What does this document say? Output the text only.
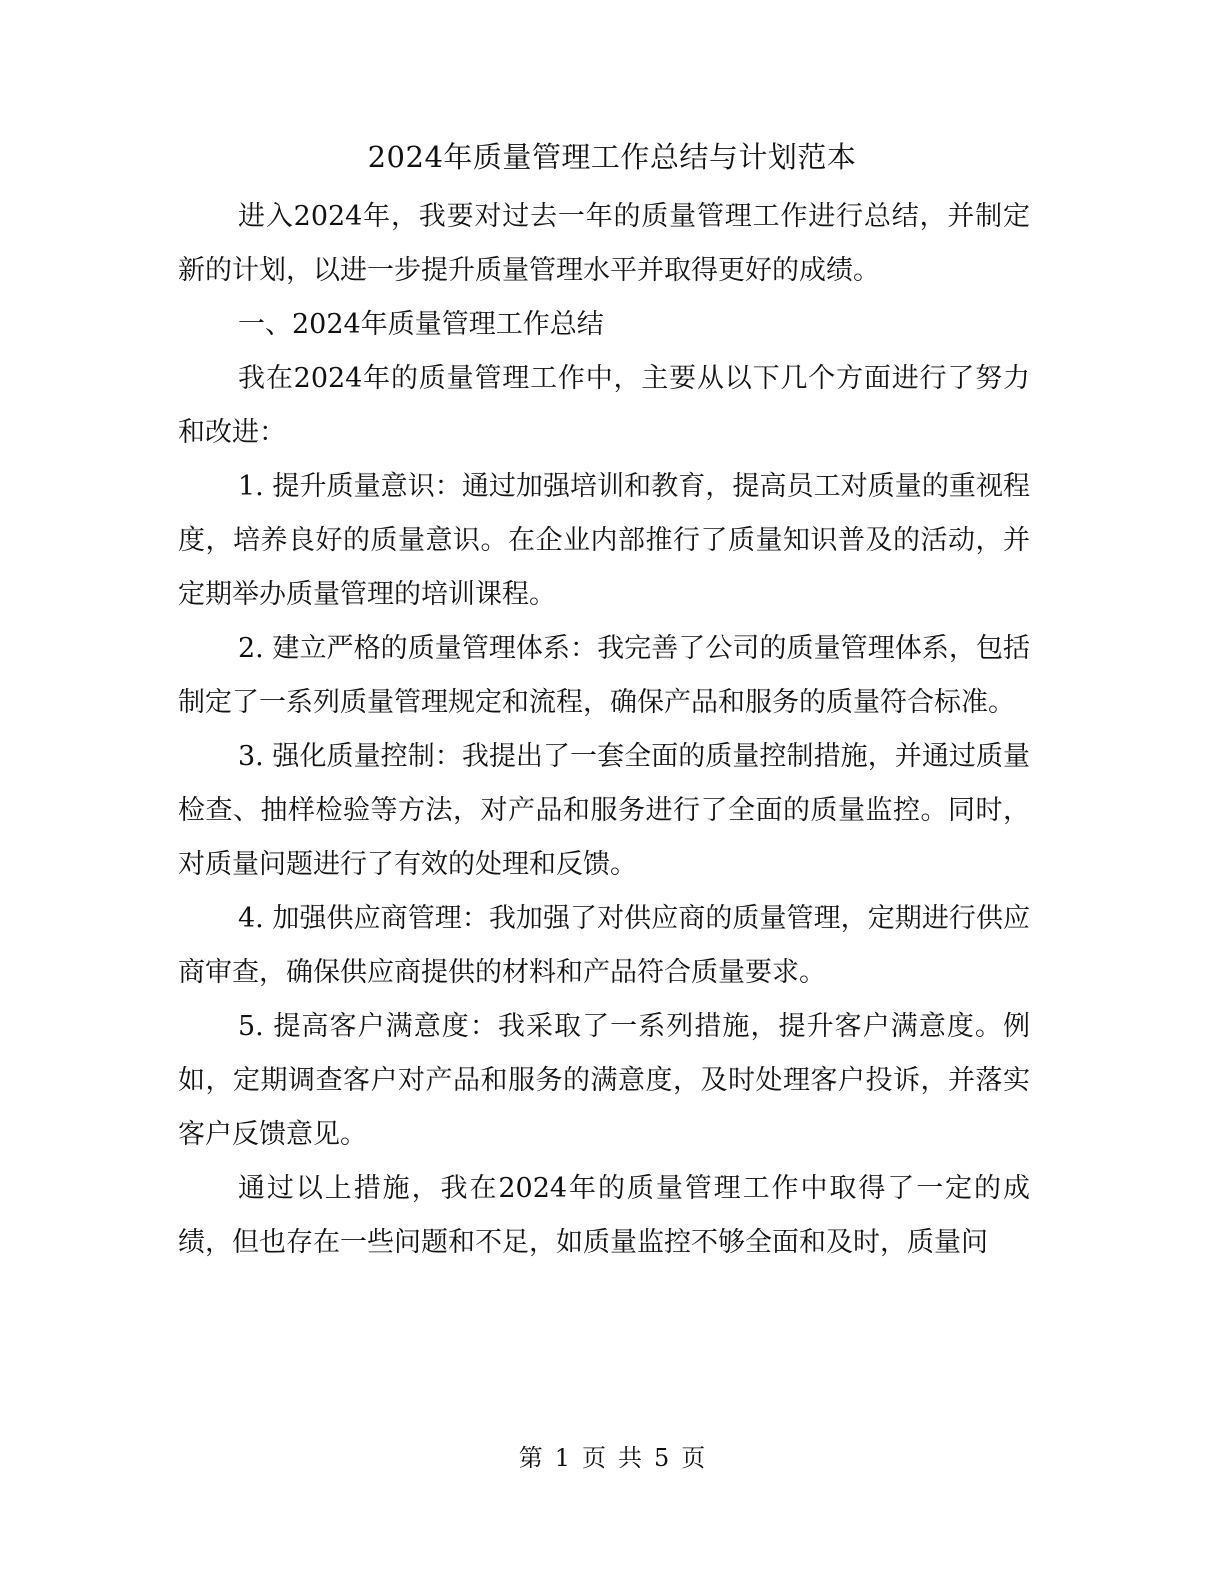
2024年质量管理工作总结与计划范本

进入2024年，我要对过去一年的质量管理工作进行总结，并制定新的计划，以进一步提升质量管理水平并取得更好的成绩。

一、2024年质量管理工作总结

我在2024年的质量管理工作中，主要从以下几个方面进行了努力和改进：

1. 提升质量意识：通过加强培训和教育，提高员工对质量的重视程度，培养良好的质量意识。在企业内部推行了质量知识普及的活动，并定期举办质量管理的培训课程。

2. 建立严格的质量管理体系：我完善了公司的质量管理体系，包括制定了一系列质量管理规定和流程，确保产品和服务的质量符合标准。

3. 强化质量控制：我提出了一套全面的质量控制措施，并通过质量检查、抽样检验等方法，对产品和服务进行了全面的质量监控。同时，对质量问题进行了有效的处理和反馈。

4. 加强供应商管理：我加强了对供应商的质量管理，定期进行供应商审查，确保供应商提供的材料和产品符合质量要求。

5. 提高客户满意度：我采取了一系列措施，提升客户满意度。例如，定期调查客户对产品和服务的满意度，及时处理客户投诉，并落实客户反馈意见。

通过以上措施，我在2024年的质量管理工作中取得了一定的成绩，但也存在一些问题和不足，如质量监控不够全面和及时，质量问

第 1 页 共 5 页
